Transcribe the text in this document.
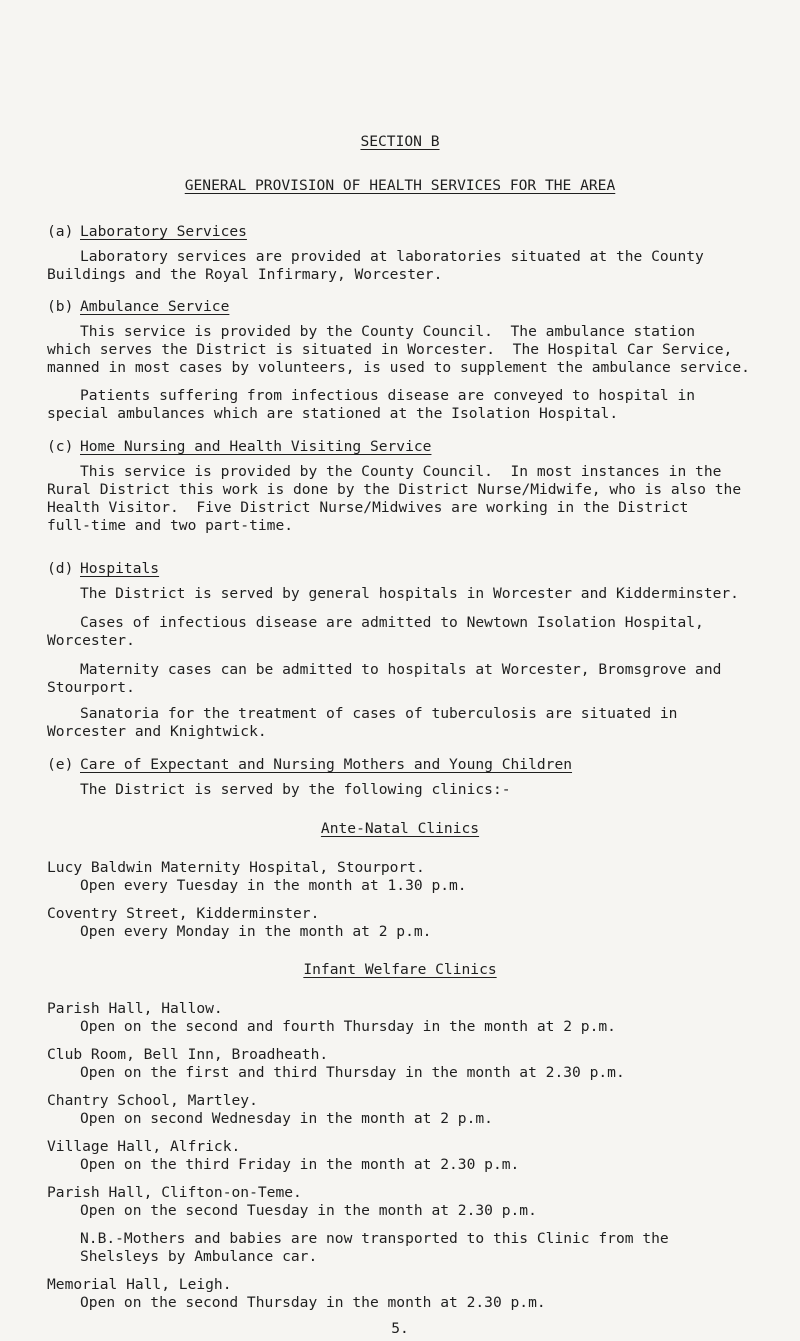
SECTION B
GENERAL PROVISION OF HEALTH SERVICES FOR THE AREA
(a) Laboratory Services
Laboratory services are provided at laboratories situated at the County
Buildings and the Royal Infirmary, Worcester.
(b) Ambulance Service
This service is provided by the County Council.  The ambulance station
which serves the District is situated in Worcester.  The Hospital Car Service,
manned in most cases by volunteers, is used to supplement the ambulance service.
Patients suffering from infectious disease are conveyed to hospital in
special ambulances which are stationed at the Isolation Hospital.
(c) Home Nursing and Health Visiting Service
This service is provided by the County Council.  In most instances in the
Rural District this work is done by the District Nurse/Midwife, who is also the
Health Visitor.  Five District Nurse/Midwives are working in the District
full-time and two part-time.
(d) Hospitals
The District is served by general hospitals in Worcester and Kidderminster.
Cases of infectious disease are admitted to Newtown Isolation Hospital,
Worcester.
Maternity cases can be admitted to hospitals at Worcester, Bromsgrove and
Stourport.
Sanatoria for the treatment of cases of tuberculosis are situated in
Worcester and Knightwick.
(e) Care of Expectant and Nursing Mothers and Young Children
The District is served by the following clinics:-
Ante-Natal Clinics
Lucy Baldwin Maternity Hospital, Stourport.
Open every Tuesday in the month at 1.30 p.m.
Coventry Street, Kidderminster.
Open every Monday in the month at 2 p.m.
Infant Welfare Clinics
Parish Hall, Hallow.
Open on the second and fourth Thursday in the month at 2 p.m.
Club Room, Bell Inn, Broadheath.
Open on the first and third Thursday in the month at 2.30 p.m.
Chantry School, Martley.
Open on second Wednesday in the month at 2 p.m.
Village Hall, Alfrick.
Open on the third Friday in the month at 2.30 p.m.
Parish Hall, Clifton-on-Teme.
Open on the second Tuesday in the month at 2.30 p.m.
N.B.-Mothers and babies are now transported to this Clinic from the
Shelsleys by Ambulance car.
Memorial Hall, Leigh.
Open on the second Thursday in the month at 2.30 p.m.
5.
